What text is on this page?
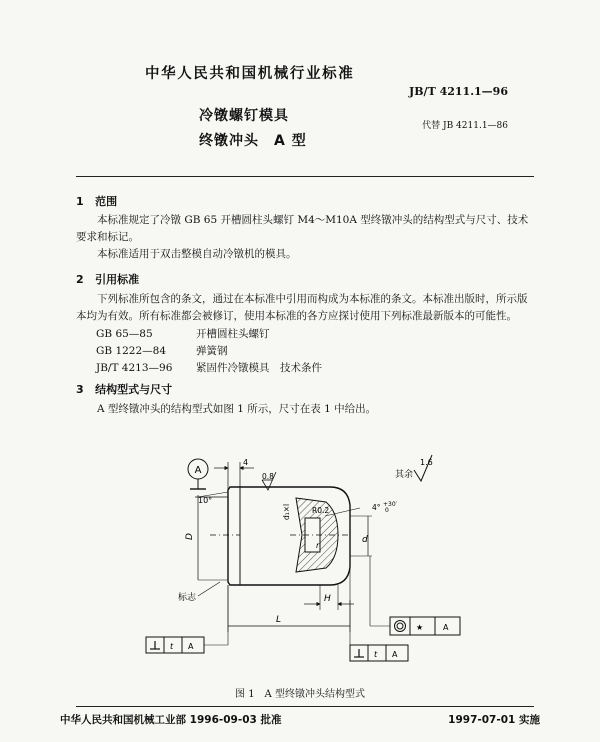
中华人民共和国机械行业标准
JB/T 4211.1—96
冷镦螺钉模具
代替 JB 4211.1—86
终镦冲头　A 型
1 范围

本标准规定了冷镦 GB 65 开槽圆柱头螺钉 M4～M10A 型终镦冲头的结构型式与尺寸、技术要求和标记。

本标准适用于双击整模自动冷镦机的模具。

2 引用标准

下列标准所包含的条文，通过在本标准中引用而构成为本标准的条文。本标准出版时，所示版本均为有效。所有标准都会被修订，使用本标准的各方应探讨使用下列标准最新版本的可能性。

GB 65—85	开槽圆柱头螺钉
GB 1222—84	弹簧钢
JB/T 4213—96 紧固件冷镦模具　技术条件
3 结构型式与尺寸

A 型终镦冲头的结构型式如图 1 所示，尺寸在表 1 中给出。

A
4
10°
0.8	其余
1.6
R0.2	4° +30′
0
d₁×l
r
D	d
H
L
标志
t A
★ A
t A
图 1　A 型终镦冲头结构型式
中华人民共和国机械工业部 1996-09-03 批准	1997-07-01 实施
